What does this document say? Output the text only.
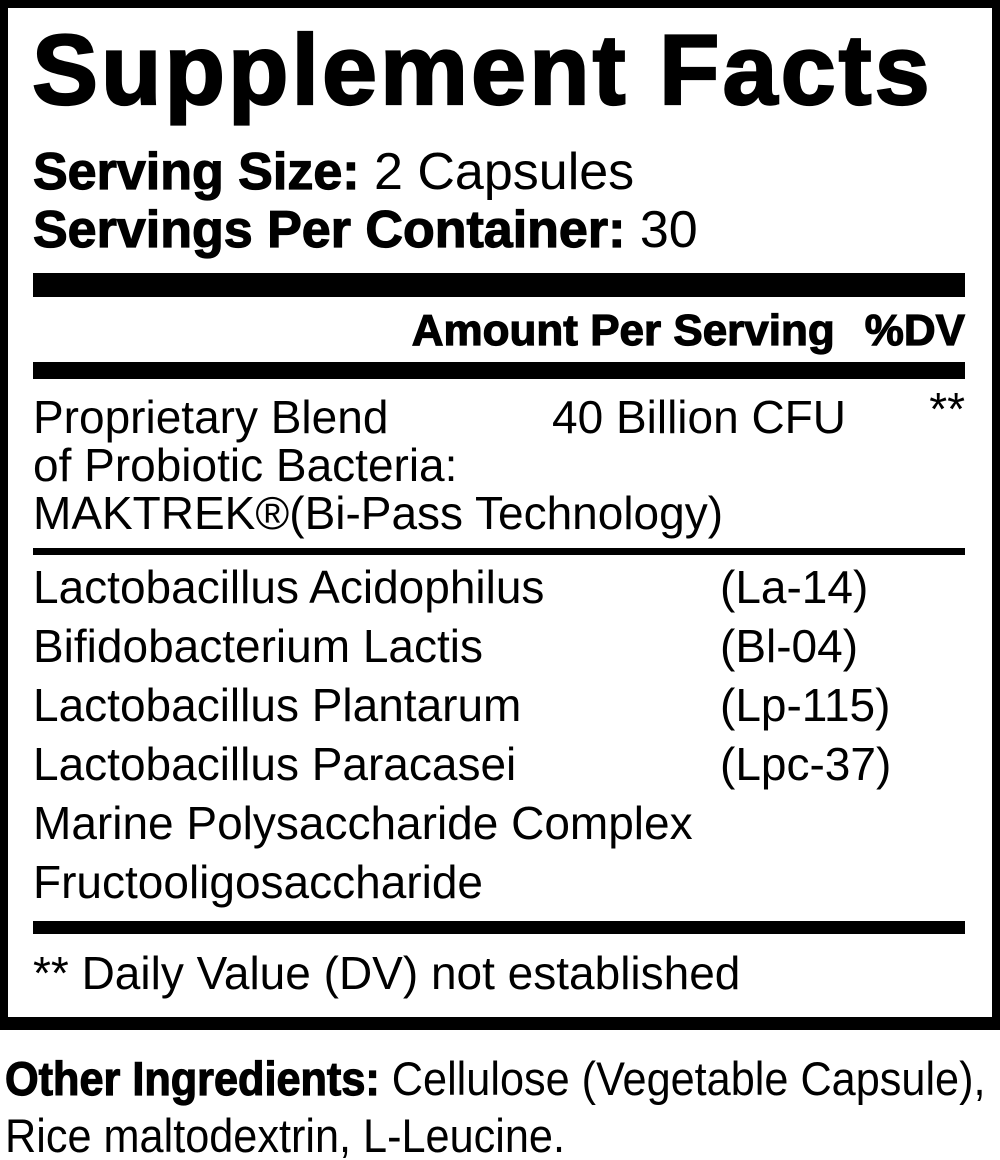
Supplement Facts
Serving Size: 2 Capsules
Servings Per Container: 30
Amount Per Serving %DV
Proprietary Blend	40 Billion CFU **
of Probiotic Bacteria:
MAKTREK®(Bi-Pass Technology)
Lactobacillus Acidophilus	(La-14)
Bifidobacterium Lactis	(Bl-04)
Lactobacillus Plantarum	(Lp-115)
Lactobacillus Paracasei	(Lpc-37)
Marine Polysaccharide Complex
Fructooligosaccharide
** Daily Value (DV) not established
Other Ingredients: Cellulose (Vegetable Capsule), Rice maltodextrin, L-Leucine.
